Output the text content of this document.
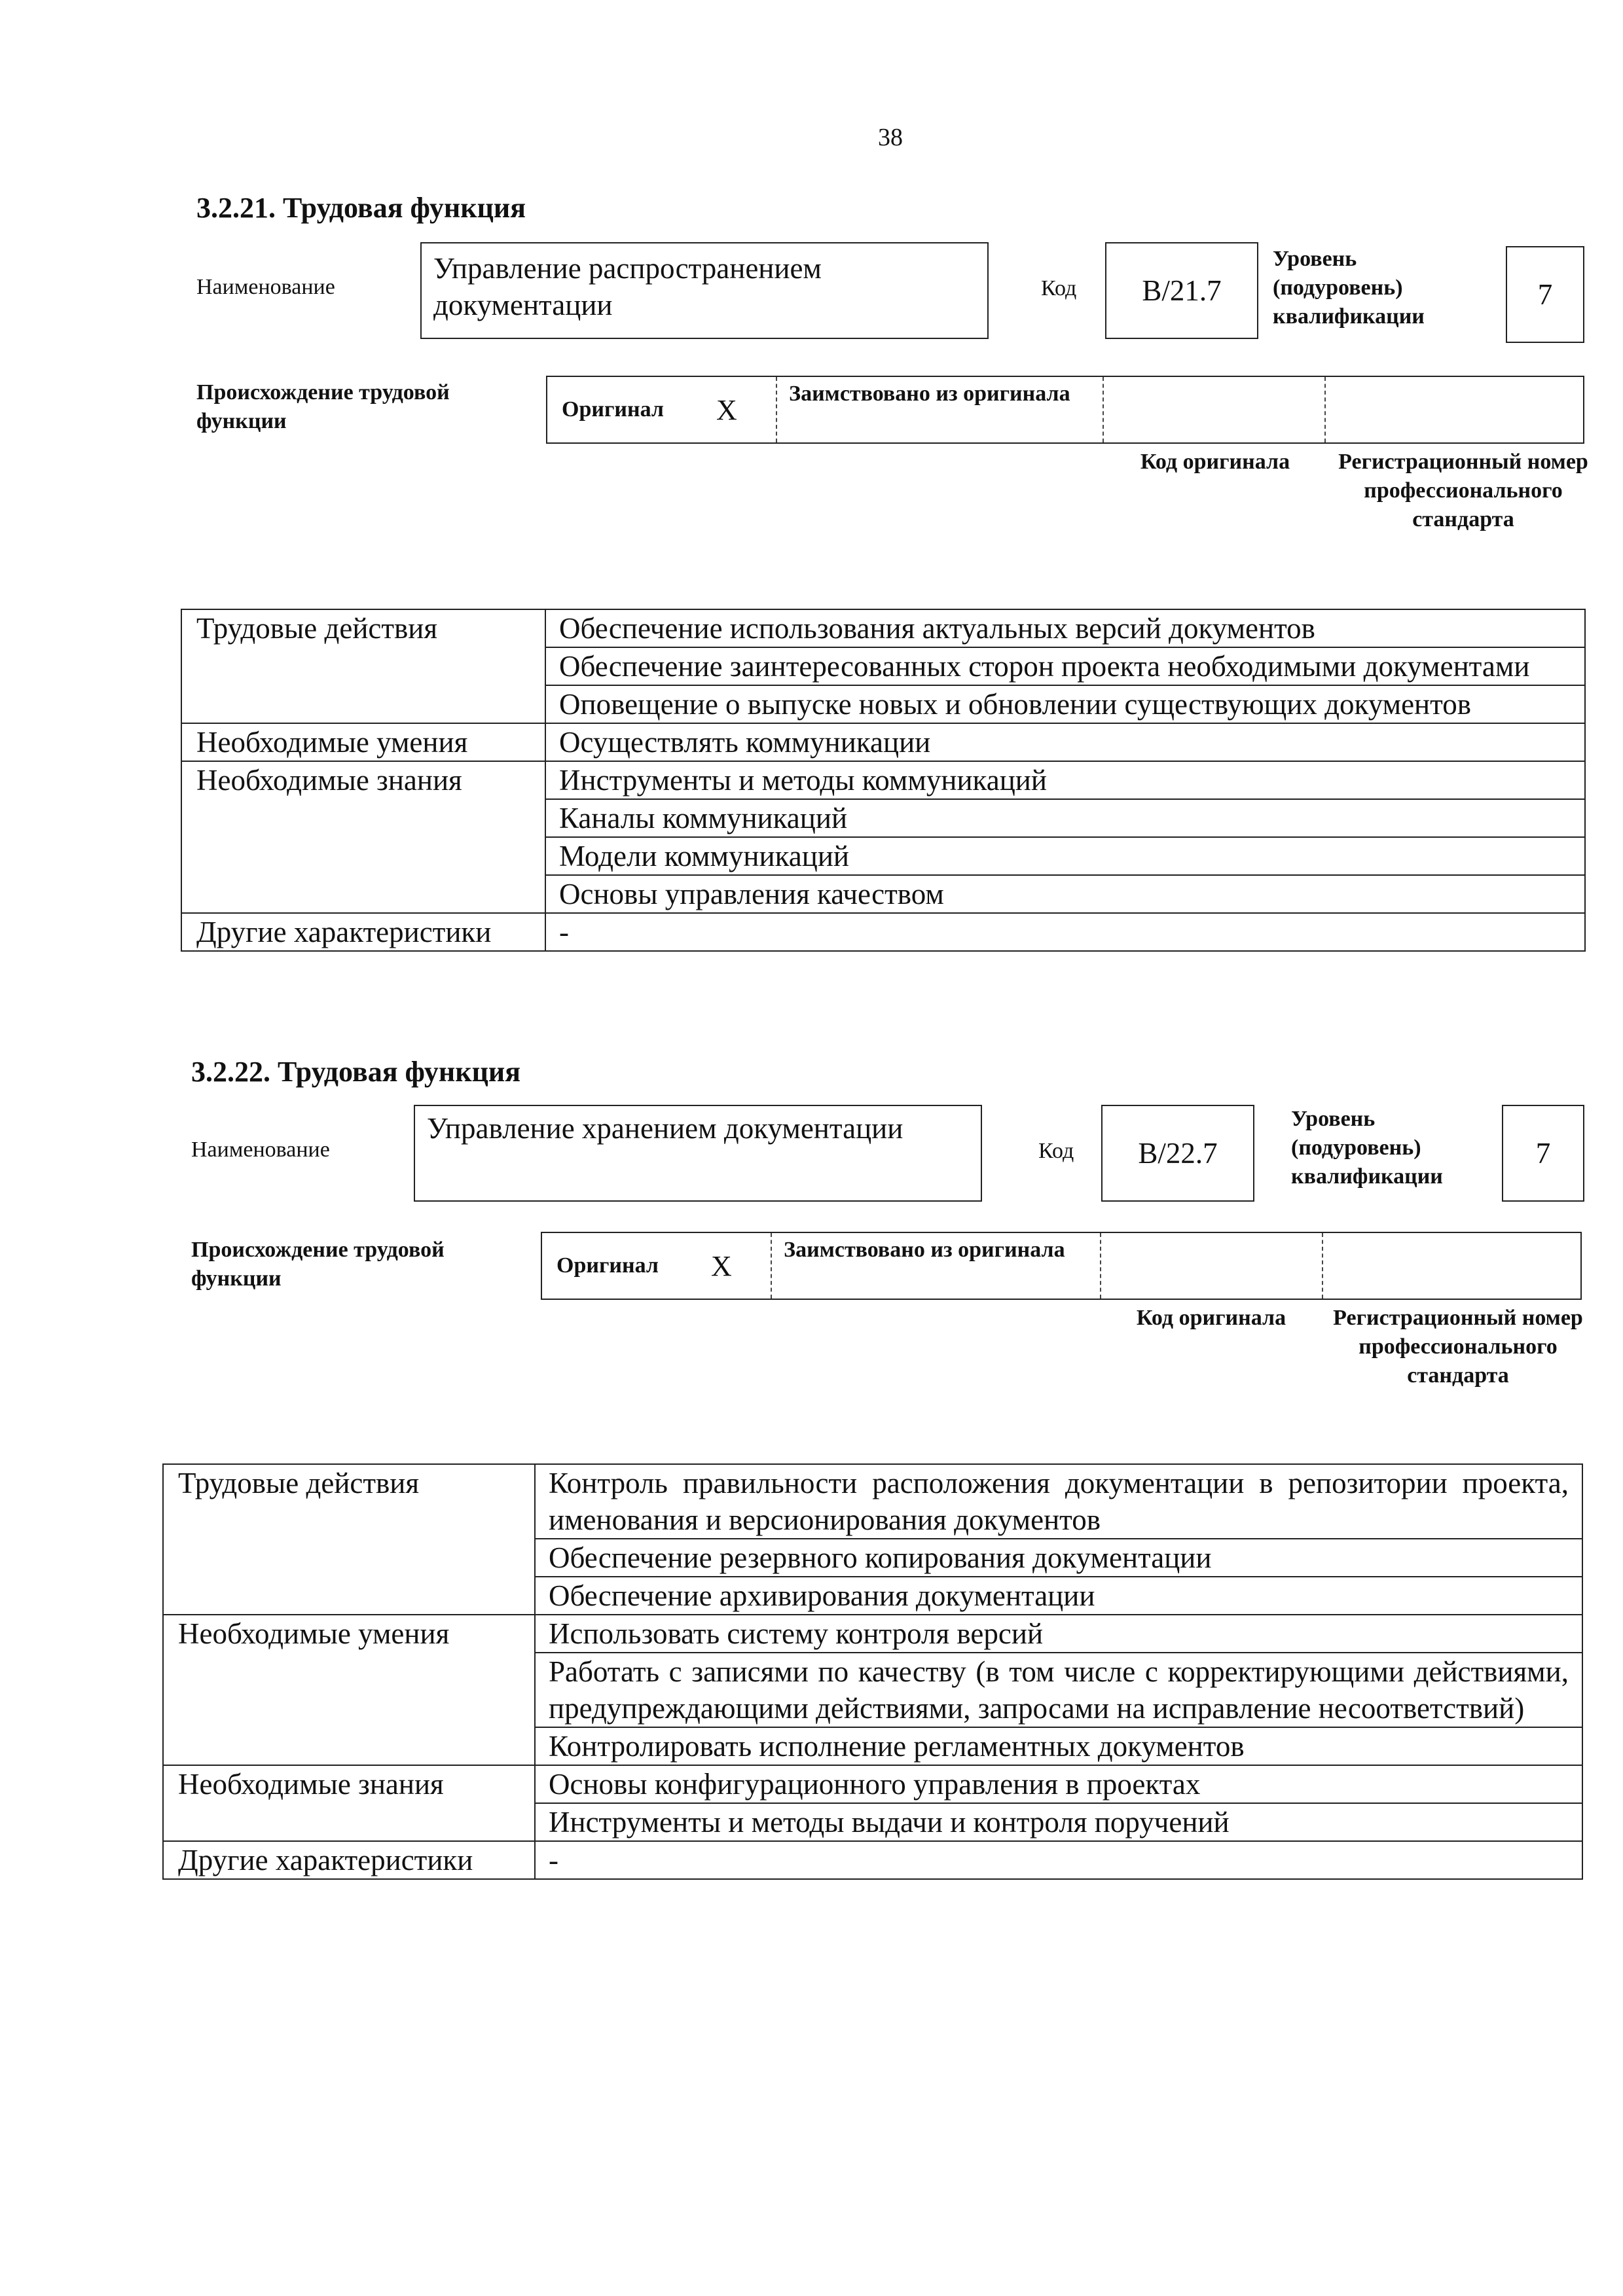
38
3.2.21. Трудовая функция
Наименование
Управление распространением документации
Код B/21.7
Уровень (подуровень) квалификации
7
Происхождение трудовой функции	Оригинал X	Заимствовано из оригинала
Код оригинала	Регистрационный номер профессионального стандарта
Трудовые действия	Обеспечение использования актуальных версий документов
	Обеспечение заинтересованных сторон проекта необходимыми документами
	Оповещение о выпуске новых и обновлении существующих документов
Необходимые умения	Осуществлять коммуникации
Необходимые знания	Инструменты и методы коммуникаций
	Каналы коммуникаций
	Модели коммуникаций
	Основы управления качеством
Другие характеристики	-
3.2.22. Трудовая функция
Наименование
Управление хранением документации
Код B/22.7
Уровень (подуровень) квалификации
7
Происхождение трудовой функции
Оригинал X	Заимствовано из оригинала
Код оригинала	Регистрационный номер профессионального стандарта
Трудовые действия	Контроль правильности расположения документации в репозитории проекта, именования и версионирования документов
	Обеспечение резервного копирования документации
	Обеспечение архивирования документации
Необходимые умения	Использовать систему контроля версий
	Работать с записями по качеству (в том числе с корректирующими действиями, предупреждающими действиями, запросами на исправление несоответствий)
	Контролировать исполнение регламентных документов
Необходимые знания	Основы конфигурационного управления в проектах
	Инструменты и методы выдачи и контроля поручений
Другие характеристики	-
